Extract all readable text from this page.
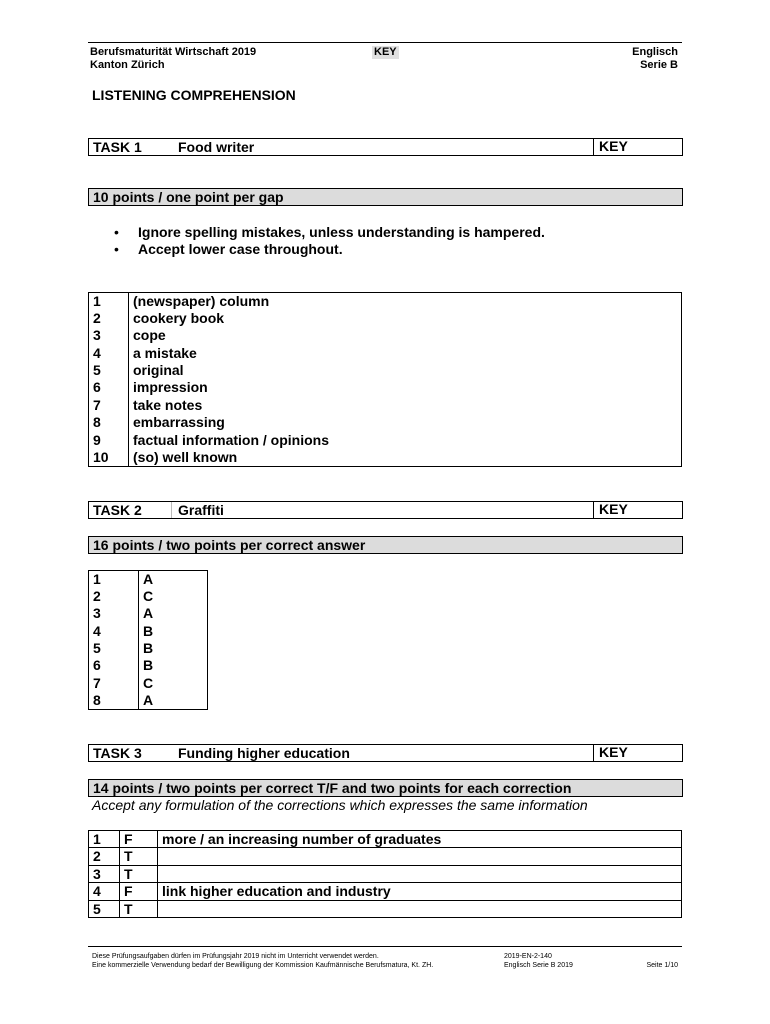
Berufsmaturität Wirtschaft 2019
Kanton Zürich
KEY	Englisch
Serie B
LISTENING COMPREHENSION
TASK 1	Food writer	KEY
10 points / one point per gap
• Ignore spelling mistakes, unless understanding is hampered.
• Accept lower case throughout.
1	(newspaper) column
2	cookery book
3	cope
4	a mistake
5	original
6	impression
7	take notes
8	embarrassing
9	factual information / opinions
10	(so) well known
TASK 2	Graffiti	KEY
16 points / two points per correct answer
1	A
2	C
3	A
4	B
5	B
6	B
7	C
8	A
TASK 3	Funding higher education	KEY
14 points / two points per correct T/F and two points for each correction
Accept any formulation of the corrections which expresses the same information
1	F	more / an increasing number of graduates
2	T	
3	T	
4	F	link higher education and industry
5	T	
Diese Prüfungsaufgaben dürfen im Prüfungsjahr 2019 nicht im Unterricht verwendet werden.
Eine kommerzielle Verwendung bedarf der Bewilligung der Kommission Kaufmännische Berufsmatura, Kt. ZH.
2019-EN-2-140
Englisch Serie B 2019	Seite 1/10
